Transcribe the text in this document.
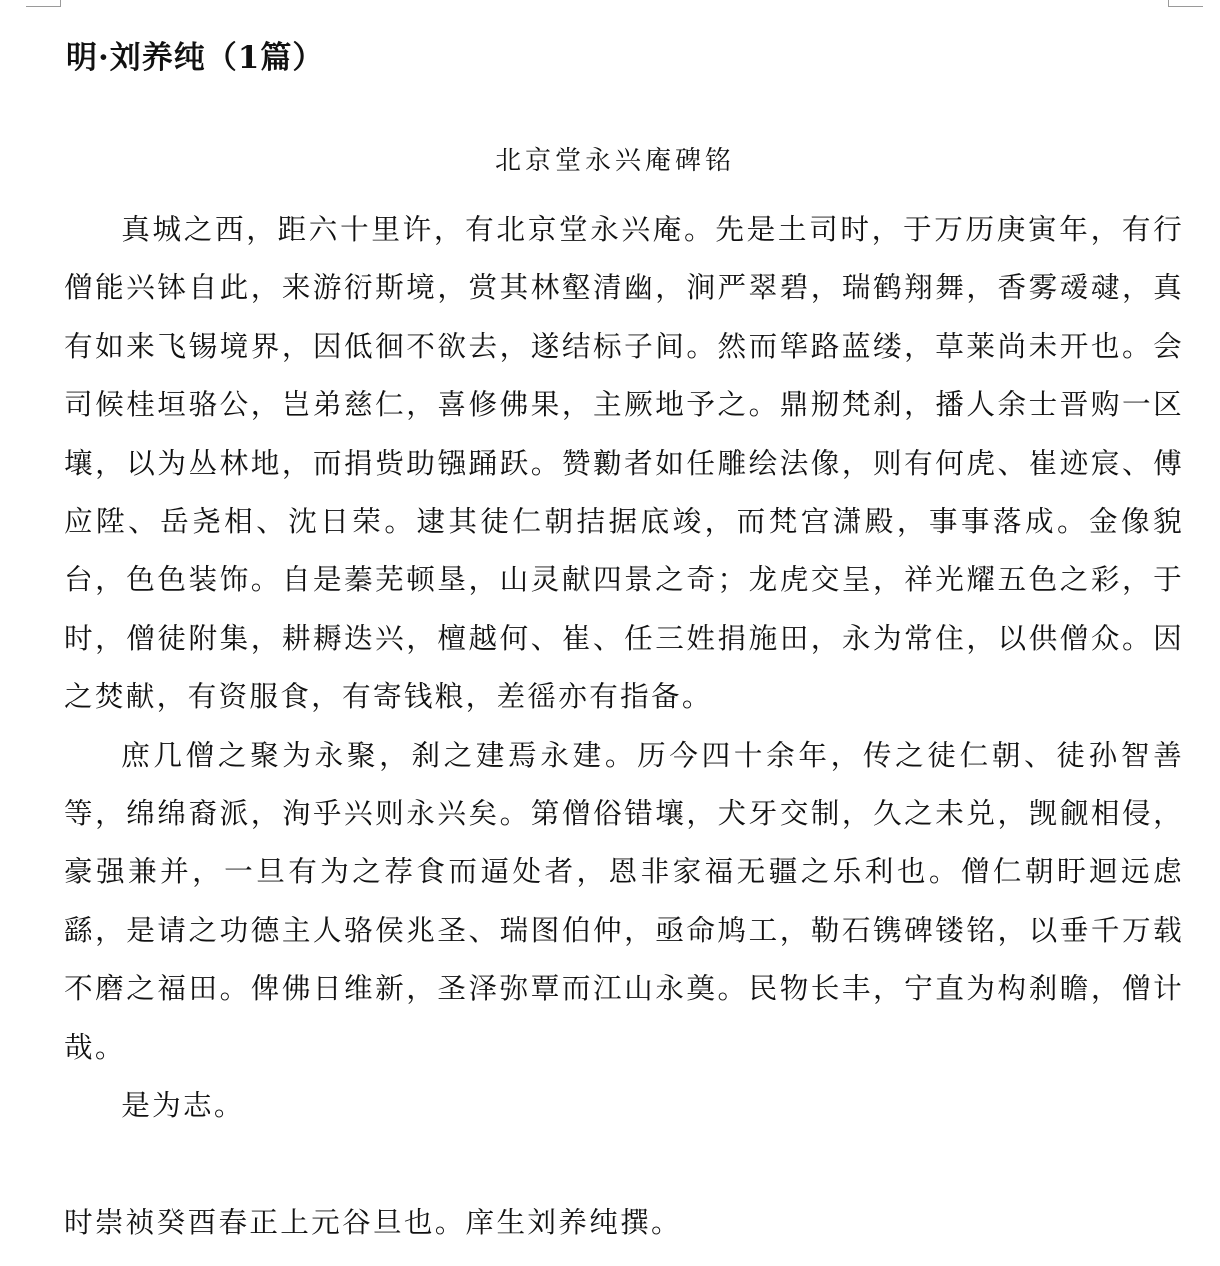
明·刘养纯（1篇）
北京堂永兴庵碑铭

真城之西，距六十里许，有北京堂永兴庵。先是土司时，于万历庚寅年，有行僧能兴钵自此，来游衍斯境，赏其林壑清幽，涧严翠碧，瑞鹤翔舞，香雾叆叇，真有如来飞锡境界，因低徊不欲去，遂结标子间。然而筚路蓝缕，草莱尚未开也。会司候桂垣骆公，岂弟慈仁，喜修佛果，主厥地予之。鼎剏梵刹，播人余士晋购一区壤，以为丛林地，而捐赀助镪踊跃。赞勷者如任雕绘法像，则有何虎、崔迹宸、傅应陞、岳尧相、沈日荣。逮其徒仁朝拮据底竣，而梵宫潇殿，事事落成。金像貌台，色色装饰。自是蓁芜顿垦，山灵献四景之奇；龙虎交呈，祥光耀五色之彩，于时，僧徒附集，耕耨迭兴，檀越何、崔、任三姓捐施田，永为常住，以供僧众。因之焚献，有资服食，有寄钱粮，差徭亦有指备。

庶几僧之聚为永聚，刹之建焉永建。历今四十余年，传之徒仁朝、徒孙智善等，绵绵裔派，洵乎兴则永兴矣。第僧俗错壤，犬牙交制，久之未兑，觊觎相侵，豪强兼并，一旦有为之荐食而逼处者，恩非家福无疆之乐利也。僧仁朝盱迴远虑繇，是请之功德主人骆侯兆圣、瑞图伯仲，亟命鸠工，勒石镌碑镂铭，以垂千万载不磨之福田。俾佛日维新，圣泽弥覃而江山永奠。民物长丰，宁直为构刹瞻，僧计哉。

是为志。

时崇祯癸酉春正上元谷旦也。庠生刘养纯撰。
